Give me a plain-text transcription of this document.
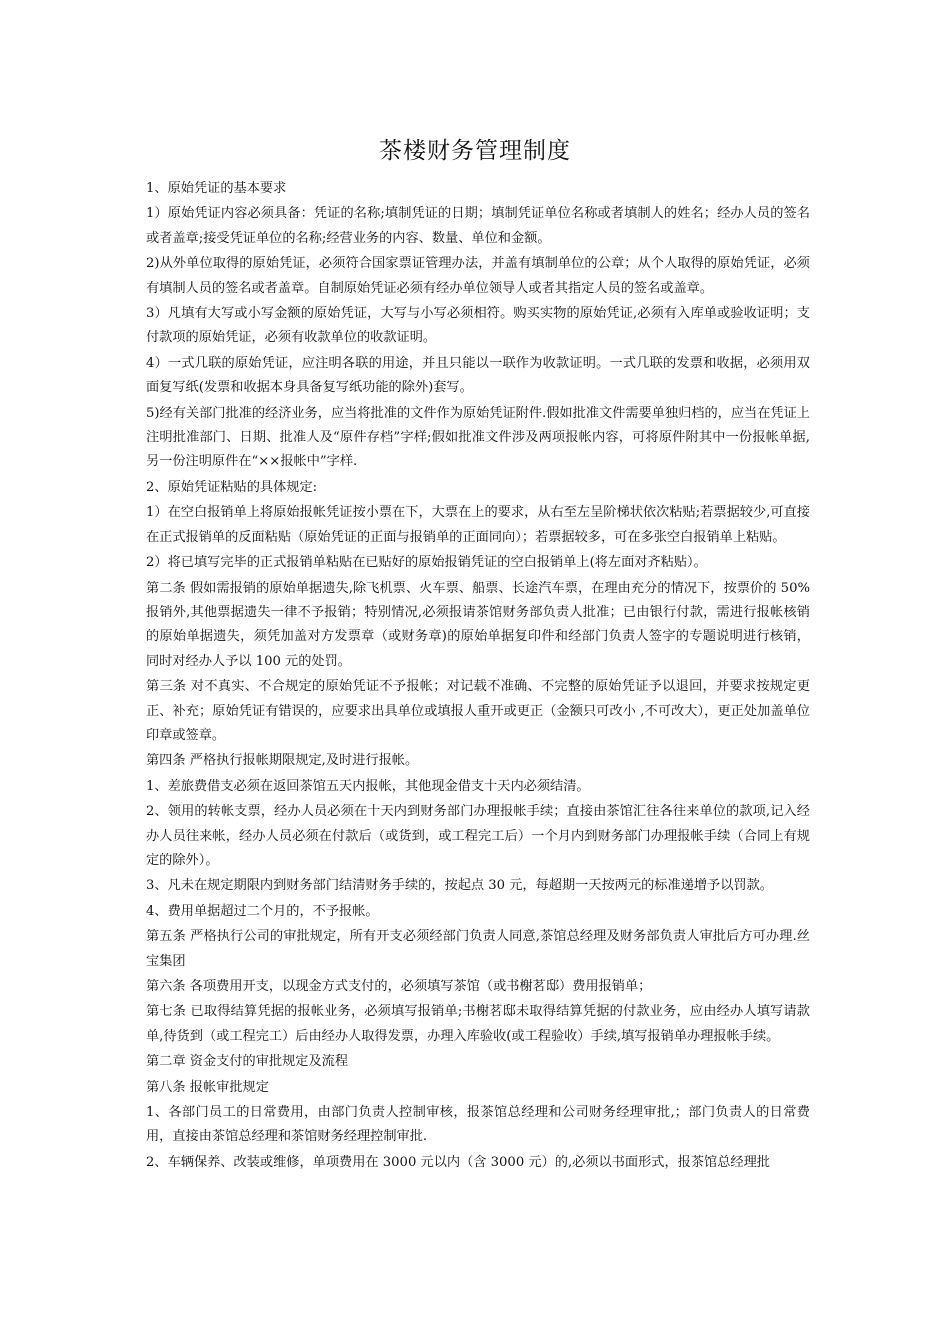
茶楼财务管理制度

1、原始凭证的基本要求

1）原始凭证内容必须具备：凭证的名称;填制凭证的日期；填制凭证单位名称或者填制人的姓名；经办人员的签名或者盖章;接受凭证单位的名称;经营业务的内容、数量、单位和金额。

2)从外单位取得的原始凭证，必须符合国家票证管理办法，并盖有填制单位的公章；从个人取得的原始凭证，必须有填制人员的签名或者盖章。自制原始凭证必须有经办单位领导人或者其指定人员的签名或盖章。

3）凡填有大写或小写金额的原始凭证，大写与小写必须相符。购买实物的原始凭证,必须有入库单或验收证明；支付款项的原始凭证，必须有收款单位的收款证明。

4）一式几联的原始凭证，应注明各联的用途，并且只能以一联作为收款证明。一式几联的发票和收据，必须用双面复写纸(发票和收据本身具备复写纸功能的除外)套写。

5)经有关部门批准的经济业务，应当将批准的文件作为原始凭证附件.假如批准文件需要单独归档的，应当在凭证上注明批准部门、日期、批准人及“原件存档”字样;假如批准文件涉及两项报帐内容，可将原件附其中一份报帐单据,另一份注明原件在“××报帐中”字样.

2、原始凭证粘贴的具体规定:

1）在空白报销单上将原始报帐凭证按小票在下，大票在上的要求，从右至左呈阶梯状依次粘贴;若票据较少,可直接在正式报销单的反面粘贴（原始凭证的正面与报销单的正面同向）；若票据较多，可在多张空白报销单上粘贴。

2）将已填写完毕的正式报销单粘贴在已贴好的原始报销凭证的空白报销单上(将左面对齐粘贴）。

第二条 假如需报销的原始单据遗失,除飞机票、火车票、船票、长途汽车票，在理由充分的情况下，按票价的 50%报销外,其他票据遗失一律不予报销；特别情况,必须报请茶馆财务部负责人批准；已由银行付款，需进行报帐核销的原始单据遗失，须凭加盖对方发票章（或财务章)的原始单据复印件和经部门负责人签字的专题说明进行核销，同时对经办人予以 100 元的处罚。

第三条 对不真实、不合规定的原始凭证不予报帐；对记载不准确、不完整的原始凭证予以退回，并要求按规定更正、补充；原始凭证有错误的，应要求出具单位或填报人重开或更正（金额只可改小 ,不可改大），更正处加盖单位印章或签章。

第四条 严格执行报帐期限规定,及时进行报帐。

1、差旅费借支必须在返回茶馆五天内报帐，其他现金借支十天内必须结清。

2、领用的转帐支票，经办人员必须在十天内到财务部门办理报帐手续；直接由茶馆汇往各往来单位的款项,记入经办人员往来帐，经办人员必须在付款后（或货到，或工程完工后）一个月内到财务部门办理报帐手续（合同上有规定的除外）。

3、凡未在规定期限内到财务部门结清财务手续的，按起点 30 元，每超期一天按两元的标准递增予以罚款。

4、费用单据超过二个月的，不予报帐。

第五条 严格执行公司的审批规定，所有开支必须经部门负责人同意,茶馆总经理及财务部负责人审批后方可办理.丝宝集团

第六条 各项费用开支，以现金方式支付的，必须填写茶馆（或书榭茗邸）费用报销单；

第七条 已取得结算凭据的报帐业务，必须填写报销单;书榭茗邸未取得结算凭据的付款业务，应由经办人填写请款单,待货到（或工程完工）后由经办人取得发票，办理入库验收(或工程验收）手续,填写报销单办理报帐手续。

第二章 资金支付的审批规定及流程

第八条 报帐审批规定

1、各部门员工的日常费用，由部门负责人控制审核，报茶馆总经理和公司财务经理审批,；部门负责人的日常费用，直接由茶馆总经理和茶馆财务经理控制审批.

2、车辆保养、改装或维修，单项费用在 3000 元以内（含 3000 元）的,必须以书面形式，报茶馆总经理批
